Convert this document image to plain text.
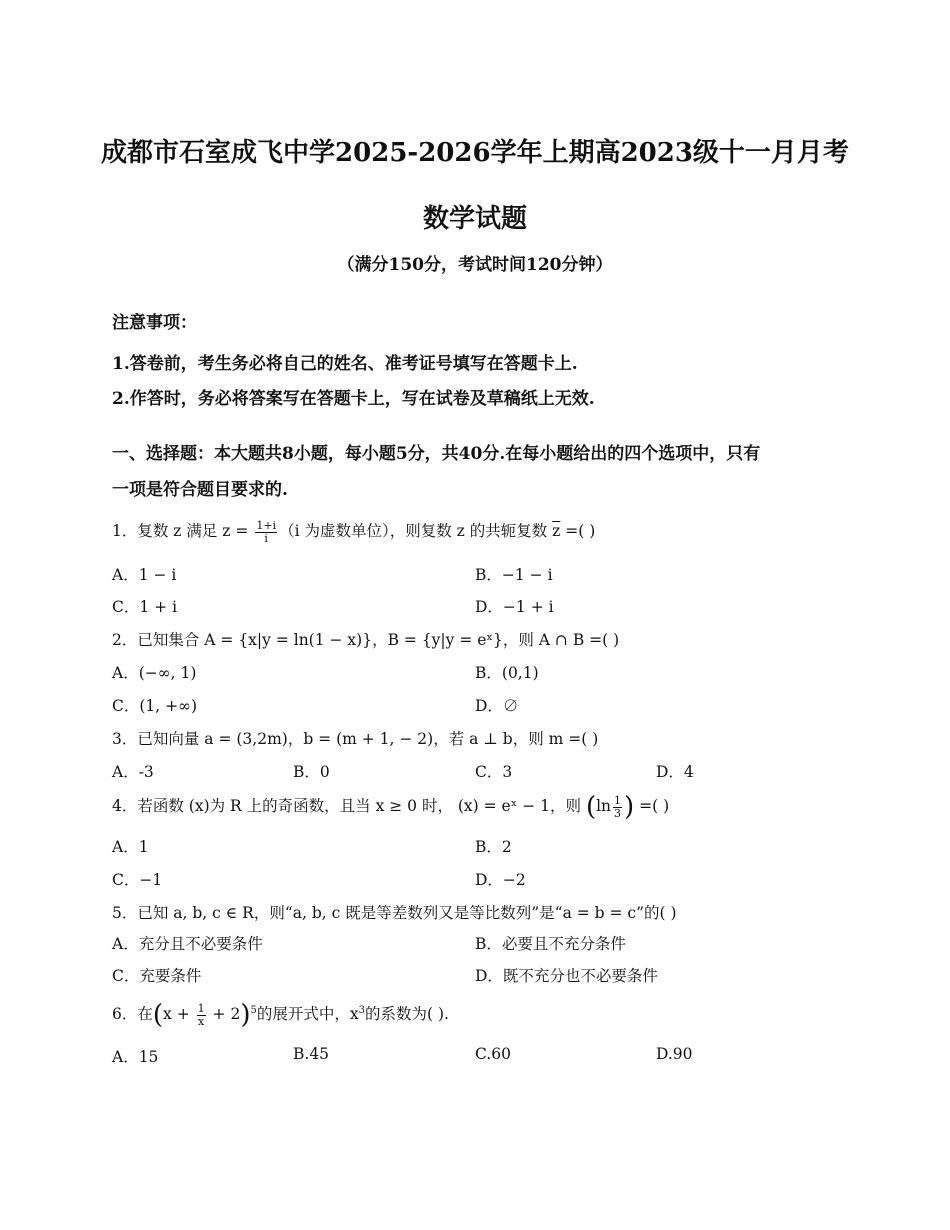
成都市石室成飞中学2025-2026学年上期高2023级十一月月考
数学试题
（满分150分，考试时间120分钟）
注意事项：
1.答卷前，考生务必将自己的姓名、准考证号填写在答题卡上.
2.作答时，务必将答案写在答题卡上，写在试卷及草稿纸上无效.
一、选择题：本大题共8小题，每小题5分，共40分.在每小题给出的四个选项中，只有
一项是符合题目要求的.
1．复数 z 满足 $z = \frac{1+i}{i} (i$ 为虚数单位），则复数 z 的共轭复数 $\overline{z}$ =( )
A．1 − i	B．−1 − i
C．1 + i	D．−1 + i
2．已知集合 A = {x|y = ln(1 − x)}，B = {y|y = eˣ}，则 A ∩ B =( )
A．(−∞, 1)	B．(0,1)
C．(1, +∞)	D．∅
3．已知向量 a = (3,2m)，b = (m + 1, − 2)，若 a ⊥ b，则 m =( )
A．-3	B．0	C．3	D．4
4．若函数 (x)为 R 上的奇函数，且当 x ≥ 0 时， (x) = eˣ − 1，则 ($\ln \frac{1}{3}$ ) =( )
A．1	B．2
C．−1	D．−2
5．已知 a, b, c ∈ R，则“a, b, c 既是等差数列又是等比数列”是“a = b = c”的( )
A．充分且不必要条件	B．必要且不充分条件
C．充要条件	D．既不充分也不必要条件
6．在$(x + \frac{1}{x} + 2)^5$的展开式中，$x^3$的系数为( ).
A．15	B.45	C.60	D.90
